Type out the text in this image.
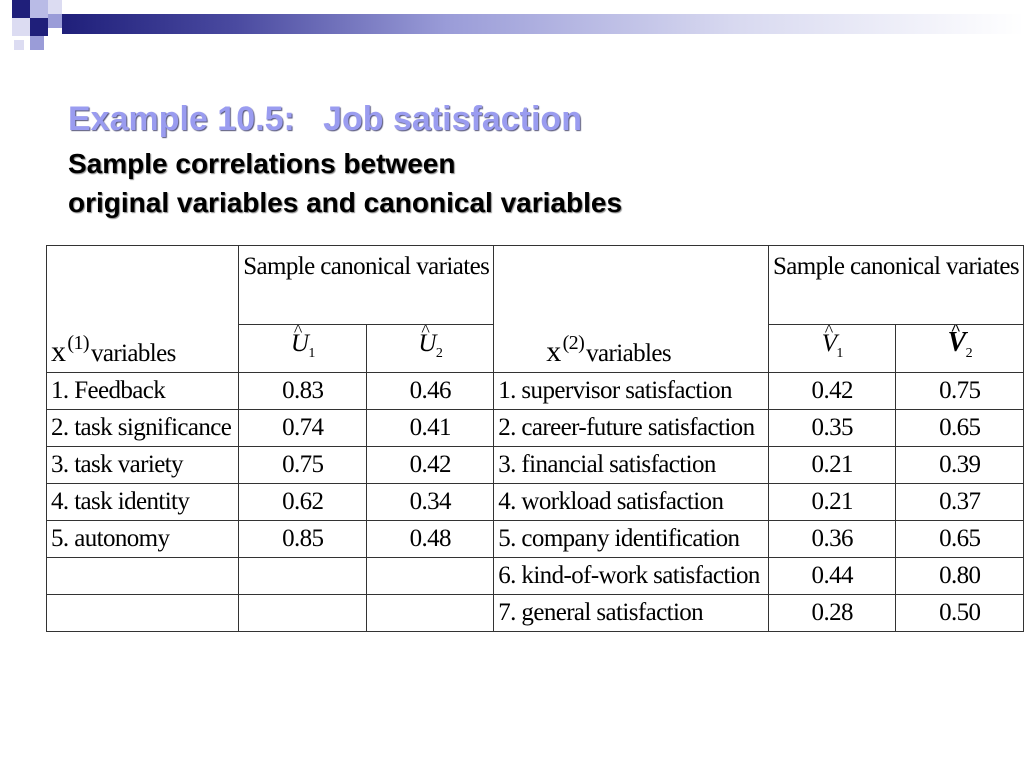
Example 10.5:   Job satisfaction
Sample correlations between
original variables and canonical variables
x $^{(1)}$variables	Sample canonical variates		x $^{(2)}$variables	Sample canonical variates	
	^ $U_1$	^ $U_2$		^ $V_1$	^ $V_2$
1. Feedback	0.83	0.46	1. supervisor satisfaction	0.42	0.75
2. task significance	0.74	0.41	2. career-future satisfaction	0.35	0.65
3. task variety	0.75	0.42	3. financial satisfaction	0.21	0.39
4. task identity	0.62	0.34	4. workload satisfaction	0.21	0.37
5. autonomy	0.85	0.48	5. company identification	0.36	0.65
			6. kind-of-work satisfaction	0.44	0.80
			7. general satisfaction	0.28	0.50
